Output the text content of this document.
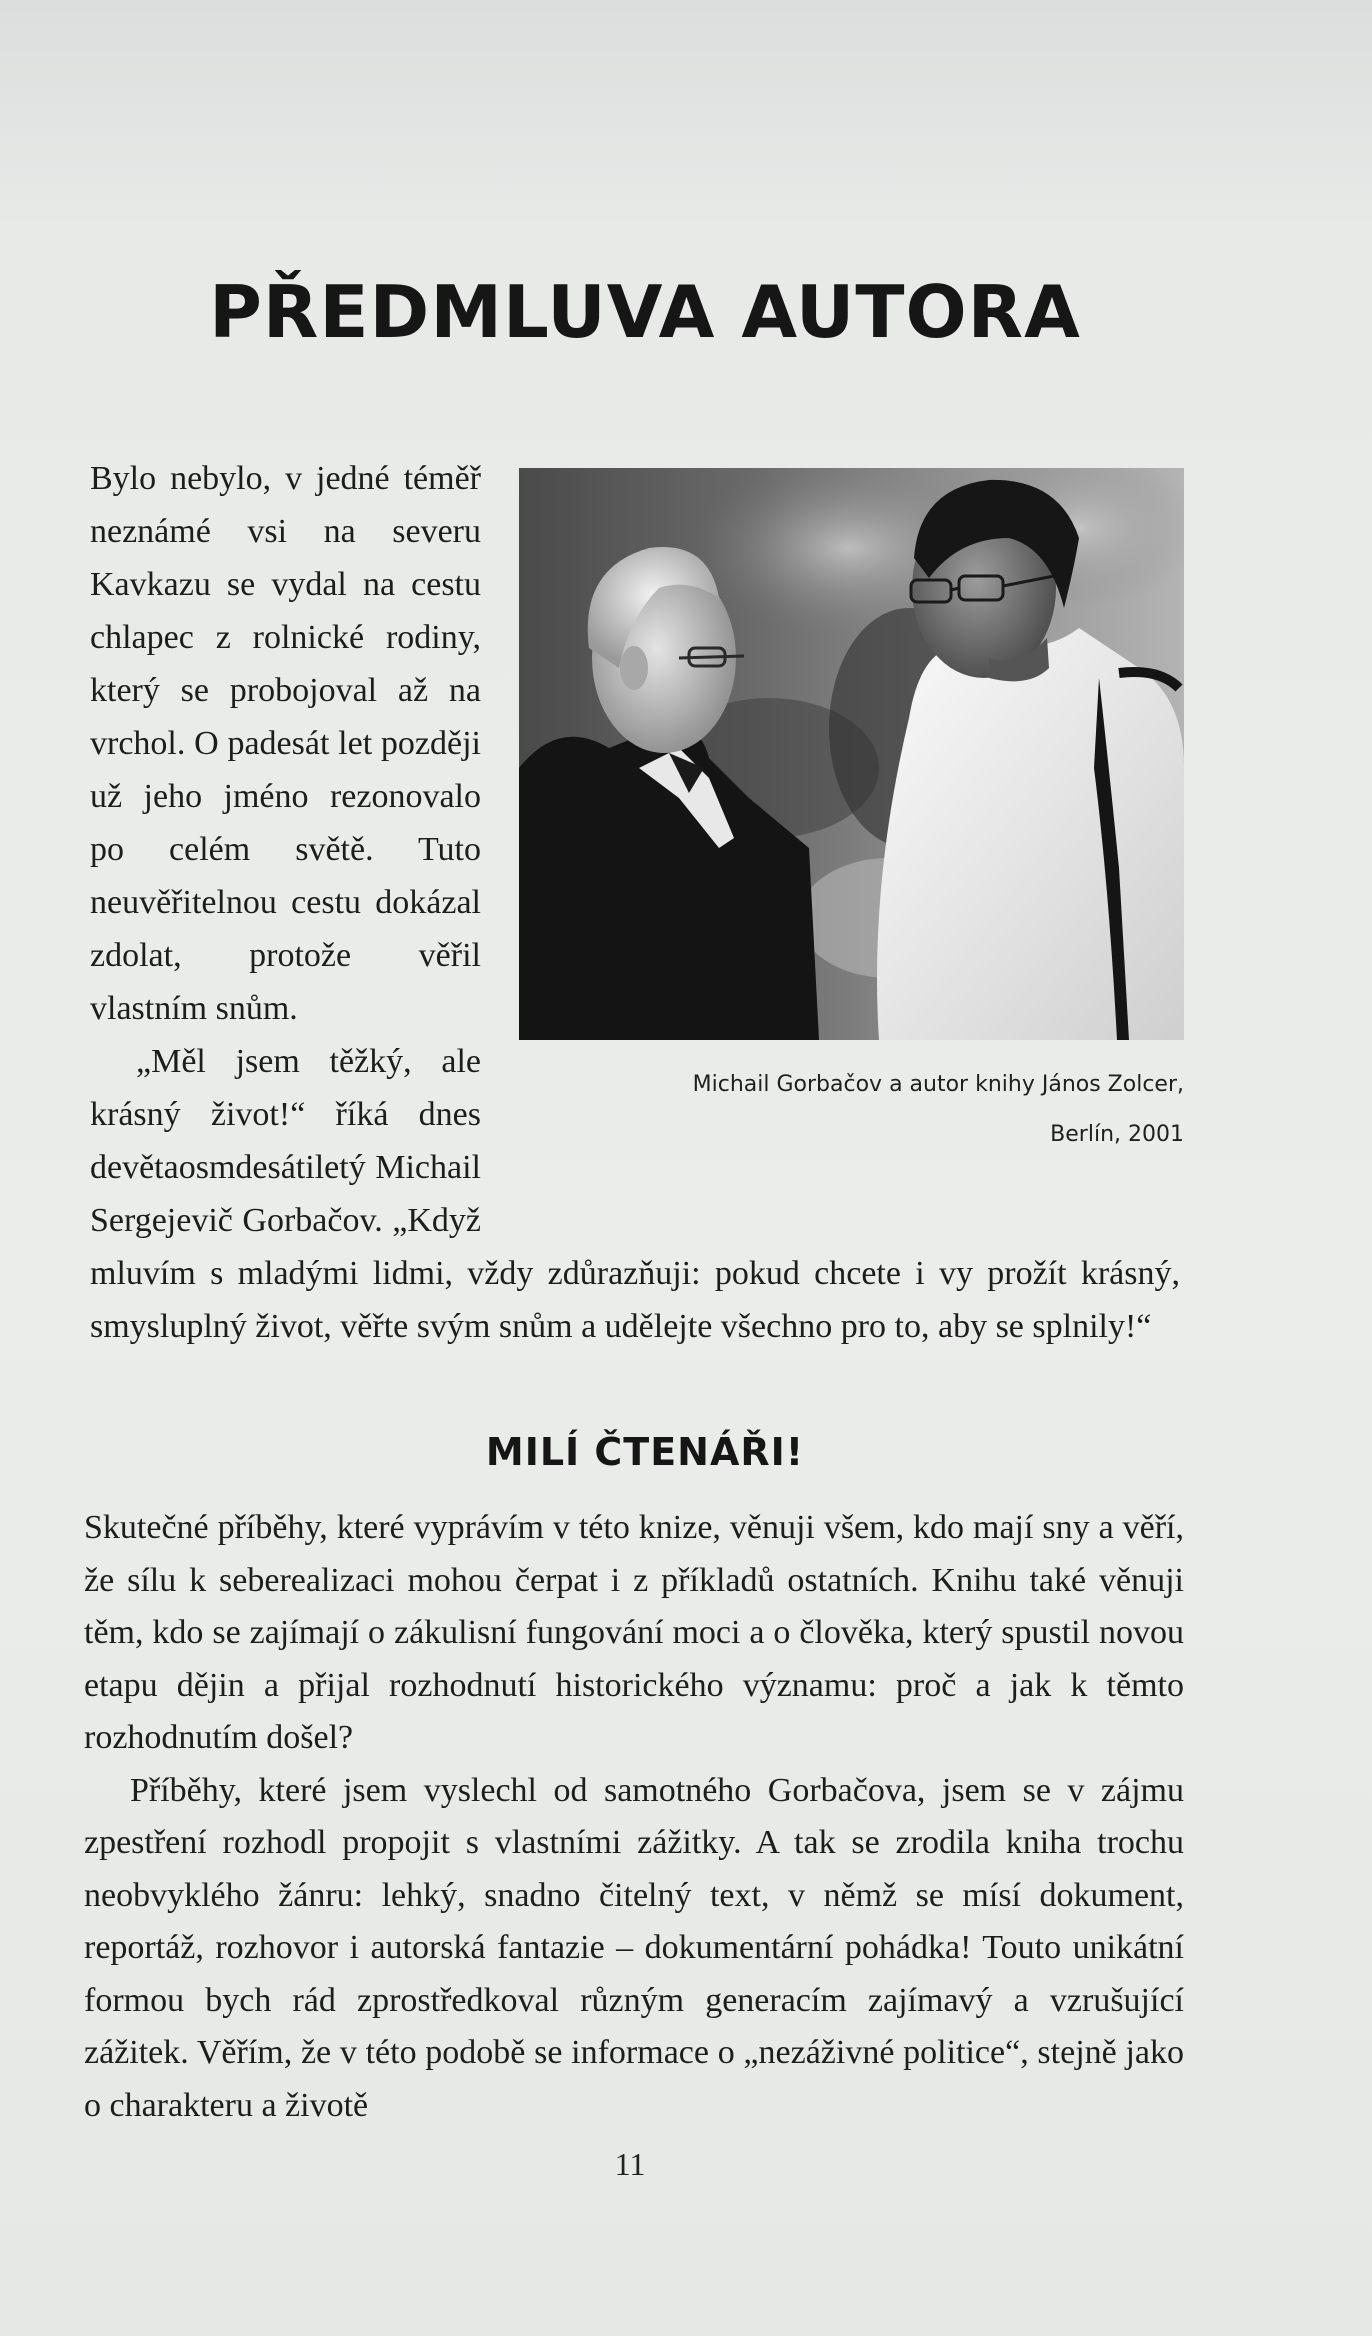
PŘEDMLUVA AUTORA
Michail Gorbačov a autor knihy János Zolcer,
Berlín, 2001

Bylo nebylo, v jedné téměř neznámé vsi na severu Kavkazu se vydal na cestu chlapec z rolnické rodiny, který se probojoval až na vrchol. O padesát let později už jeho jméno rezonovalo po celém světě. Tuto neuvěřitelnou cestu dokázal zdolat, protože věřil vlastním snům.

„Měl jsem těžký, ale krásný život!“ říká dnes devětaosmdesátiletý Michail Sergejevič Gorbačov. „Když mluvím s mladými lidmi, vždy zdůrazňuji: pokud chcete i vy prožít krásný, smysluplný život, věřte svým snům a udělejte všechno pro to, aby se splnily!“

MILÍ ČTENÁŘI!

Skutečné příběhy, které vyprávím v této knize, věnuji všem, kdo mají sny a věří, že sílu k seberealizaci mohou čerpat i z příkladů ostatních. Knihu také věnuji těm, kdo se zajímají o zákulisní fungování moci a o člověka, který spustil novou etapu dějin a přijal rozhodnutí historického významu: proč a jak k těmto rozhodnutím došel?

Příběhy, které jsem vyslechl od samotného Gorbačova, jsem se v zájmu zpestření rozhodl propojit s vlastními zážitky. A tak se zrodila kniha trochu neobvyklého žánru: lehký, snadno čitelný text, v němž se mísí dokument, reportáž, rozhovor i autorská fantazie – dokumentární pohádka! Touto unikátní formou bych rád zprostředkoval různým generacím zajímavý a vzrušující zážitek. Věřím, že v této podobě se informace o „nezáživné politice“, stejně jako o charakteru a životě

11
